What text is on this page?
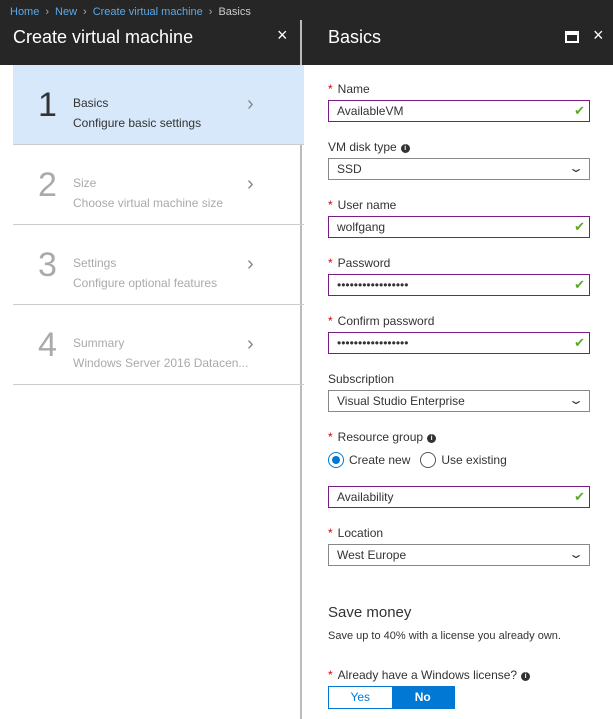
Home › New › Create virtual machine › Basics
Create virtual machine	× Basics	×
1 Basics
Configure basic settings
›
2 Size
Choose virtual machine size
›
3 Settings
Configure optional features
›
4 Summary
Windows Server 2016 Datacen...
›
* Name
AvailableVM	✔
VM disk type i
SSD	⌄
* User name
wolfgang	✔
* Password
•••••••••••••••••	✔
* Confirm password
•••••••••••••••••	✔
Subscription
Visual Studio Enterprise	⌄
* Resource group i
Create new	Use existing
Availability	✔
* Location
West Europe	⌄
Save money
Save up to 40% with a license you already own.
* Already have a Windows license? i
Yes	No
